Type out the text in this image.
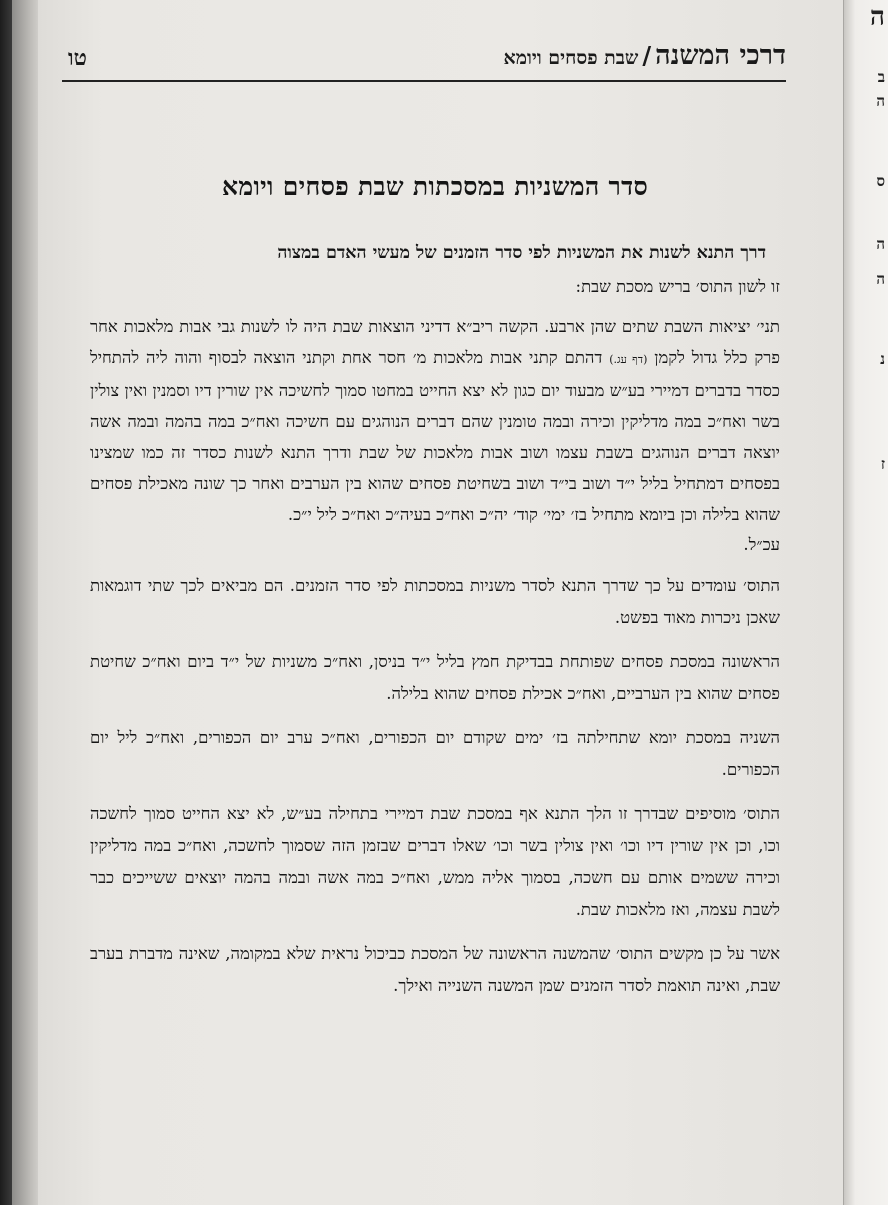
ה
ב
ה
ס
ה
ה
נ
ז
דרכי המשנה/שבת פסחים ויומא
טו
סדר המשניות במסכתות שבת פסחים ויומא
דרך התנא לשנות את המשניות לפי סדר הזמנים של מעשי האדם במצוה
זו לשון התוס׳ בריש מסכת שבת:

תני׳ יציאות השבת שתים שהן ארבע. הקשה ריב״א דדיני הוצאות שבת היה לו לשנות גבי אבות מלאכות אחר פרק כלל גדול לקמן (דף עג.) דהתם קתני אבות מלאכות מ׳ חסר אחת וקתני הוצאה לבסוף והוה ליה להתחיל כסדר בדברים דמיירי בע״ש מבעוד יום כגון לא יצא החייט במחטו סמוך לחשיכה אין שורין דיו וסמנין ואין צולין בשר ואח״כ במה מדליקין וכירה ובמה טומנין שהם דברים הנוהגים עם חשיכה ואח״כ במה בהמה ובמה אשה יוצאה דברים הנוהגים בשבת עצמו ושוב אבות מלאכות של שבת ודרך התנא לשנות כסדר זה כמו שמצינו בפסחים דמתחיל בליל י״ד ושוב בי״ד ושוב בשחיטת פסחים שהוא בין הערבים ואחר כך שונה מאכילת פסחים שהוא בלילה וכן ביומא מתחיל בז׳ ימי׳ קוד׳ יה״כ ואח״כ בעיה״כ ואח״כ ליל י״כ.

עכ״ל.

התוס׳ עומדים על כך שדרך התנא לסדר משניות במסכתות לפי סדר הזמנים. הם מביאים לכך שתי דוגמאות שאכן ניכרות מאוד בפשט.

הראשונה במסכת פסחים שפותחת בבדיקת חמץ בליל י״ד בניסן, ואח״כ משניות של י״ד ביום ואח״כ שחיטת פסחים שהוא בין הערביים, ואח״כ אכילת פסחים שהוא בלילה.

השניה במסכת יומא שתחילתה בז׳ ימים שקודם יום הכפורים, ואח״כ ערב יום הכפורים, ואח״כ ליל יום הכפורים.

התוס׳ מוסיפים שבדרך זו הלך התנא אף במסכת שבת דמיירי בתחילה בע״ש, לא יצא החייט סמוך לחשכה וכו, וכן אין שורין דיו וכו׳ ואין צולין בשר וכו׳ שאלו דברים שבזמן הזה שסמוך לחשכה, ואח״כ במה מדליקין וכירה ששמים אותם עם חשכה, בסמוך אליה ממש, ואח״כ במה אשה ובמה בהמה יוצאים ששייכים כבר לשבת עצמה, ואז מלאכות שבת.

אשר על כן מקשים התוס׳ שהמשנה הראשונה של המסכת כביכול נראית שלא במקומה, שאינה מדברת בערב שבת, ואינה תואמת לסדר הזמנים שמן המשנה השנייה ואילך.
